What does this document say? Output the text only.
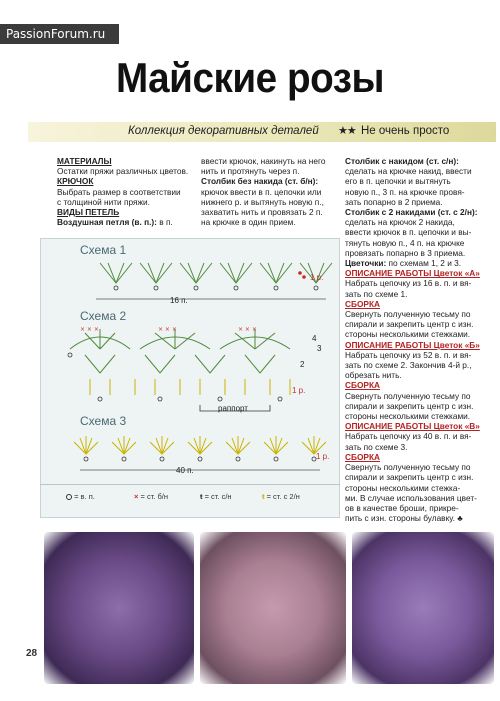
PassionForum.ru
Майские розы
Коллекция декоративных деталей ★★ Не очень просто
МАТЕРИАЛЫ
Остатки пряжи различных цветов.
КРЮЧОК
Выбрать размер в соответствии
с толщиной нити пряжи.
ВИДЫ ПЕТЕЛЬ
Воздушная петля (в. п.): в п.
ввести крючок, накинуть на него
нить и протянуть через п.
Столбик без накида (ст. б/н):
крючок ввести в п. цепочки или
нижнего р. и вытянуть новую п.,
захватить нить и провязать 2 п.
на крючке в один прием.
Столбик с накидом (ст. с/н):
сделать на крючке накид, ввести
его в п. цепочки и вытянуть
новую п., 3 п. на крючке провя-
зать попарно в 2 приема.
Столбик с 2 накидами (ст. с 2/н):
сделать на крючок 2 накида,
ввести крючок в п. цепочки и вы-
тянуть новую п., 4 п. на крючке
провязать попарно в 3 приема.
Цветочки: по схемам 1, 2 и 3.
ОПИСАНИЕ РАБОТЫ Цветок «А»
Набрать цепочку из 16 в. п. и вя-
зать по схеме 1.
СБОРКА
Свернуть полученную тесьму по
спирали и закрепить центр с изн.
стороны несколькими стежками.
ОПИСАНИЕ РАБОТЫ Цветок «Б»
Набрать цепочку из 52 в. п. и вя-
зать по схеме 2. Закончив 4-й р.,
обрезать нить.
СБОРКА
Свернуть полученную тесьму по
спирали и закрепить центр с изн.
стороны несколькими стежками.
ОПИСАНИЕ РАБОТЫ Цветок «В»
Набрать цепочку из 40 в. п. и вя-
зать по схеме 3.
СБОРКА
Свернуть полученную тесьму по
спирали и закрепить центр с изн.
стороны несколькими стежка-
ми. В случае использования цвет-
ов в качестве броши, прикре-
пить с изн. стороны булавку. ♣
Схема 1
16 п.
1 р.
Схема 2
× × ×	× × ×	× × ×
4
3
2
1 р.
раппорт
Схема 3
40 п.
1 р.
= в. п.	× = ст. б/н	ŧ = ст. с/н	ŧ = ст. с 2/н
28
